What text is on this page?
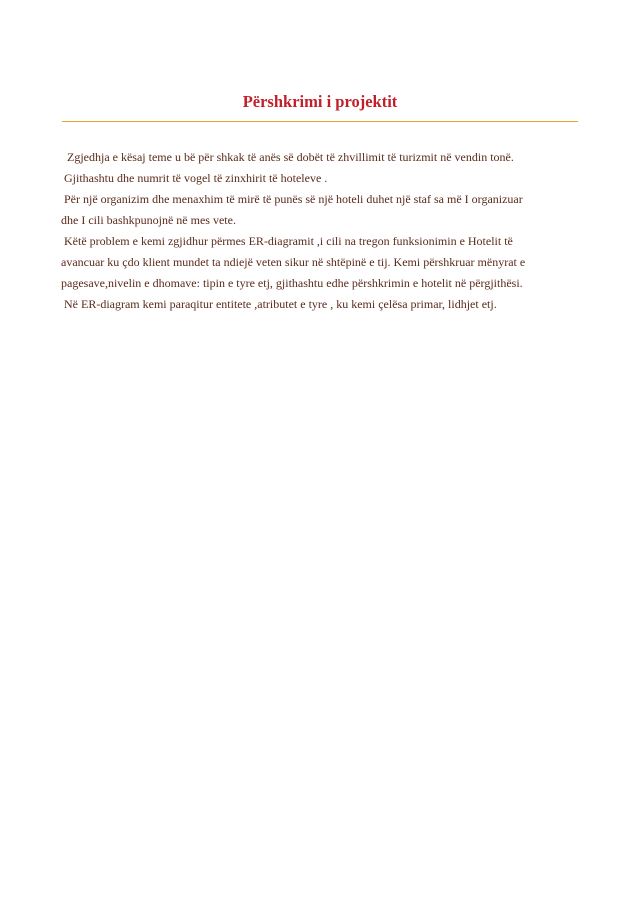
Përshkrimi i projektit

Zgjedhja e kësaj teme u bë për shkak të anës së dobët të zhvillimit të turizmit në vendin tonë.

Gjithashtu dhe numrit të vogel të zinxhirit të hoteleve .

Për një organizim dhe menaxhim të mirë të punës së një hoteli duhet një staf sa më I organizuar

dhe I cili bashkpunojnë në mes vete.

Këtë problem e kemi zgjidhur përmes ER-diagramit ,i cili na tregon funksionimin e Hotelit të

avancuar ku çdo klient mundet ta ndiejë veten sikur në shtëpinë e tij. Kemi përshkruar mënyrat e

pagesave,nivelin e dhomave: tipin e tyre etj, gjithashtu edhe përshkrimin e hotelit në përgjithësi.

Në ER-diagram kemi paraqitur entitete ,atributet e tyre , ku kemi çelësa primar, lidhjet etj.
